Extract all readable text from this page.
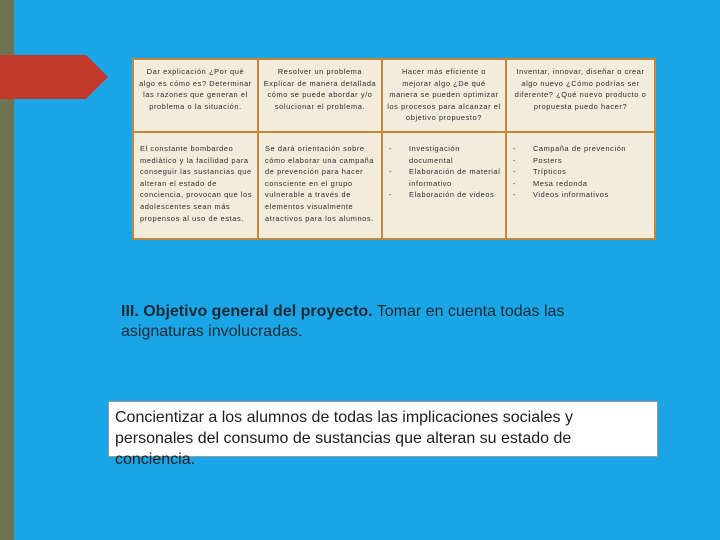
Dar explicación ¿Por qué algo es cómo es? Determinar las razones que generan el problema o la situación.
Resolver un problema Explicar de manera detallada cómo se puede abordar y/o solucionar el problema.
Hacer más eficiente o mejorar algo ¿De qué manera se pueden optimizar los procesos para alcanzar el objetivo propuesto?
Inventar, innovar, diseñar o crear algo nuevo ¿Cómo podrías ser diferente? ¿Qué nuevo producto o propuesta puedo hacer?
El constante bombardeo mediático y la facilidad para conseguir las sustancias que alteran el estado de conciencia, provocan que los adolescentes sean más propensos al uso de estas.
Se dará orientación sobre cómo elaborar una campaña de prevención para hacer consciente en el grupo vulnerable a través de elementos visualmente atractivos para los alumnos.
- Investigación documental
- Elaboración de material informativo
- Elaboración de videos
- Campaña de prevención
- Posters
- Trípticos
- Mesa redonda
- Videos informativos
III. Objetivo general del proyecto. Tomar en cuenta todas las asignaturas involucradas.
Concientizar a los alumnos de todas las implicaciones sociales y personales del consumo de sustancias que alteran su estado de conciencia.
